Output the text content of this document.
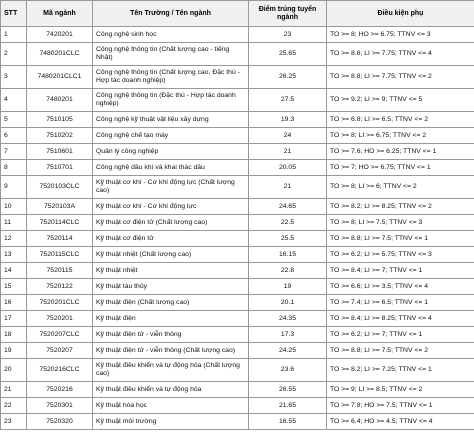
STT	Mã ngành	Tên Trường / Tên ngành	Điểm trúng tuyển ngành	Điều kiện phụ
1	7420201	Công nghệ sinh học	23	TO >= 8; HO >= 6.75; TTNV <= 3
2	7480201CLC	Công nghệ thông tin (Chất lượng cao - tiếng Nhật)	25.65	TO >= 8.6; LI >= 7.75; TTNV <= 4
3	7480201CLC1	Công nghệ thông tin (Chất lượng cao, Đặc thù - Hợp tác doanh nghiệp)	26.25	TO >= 8.8; LI >= 7.75; TTNV <= 2
4	7480201	Công nghệ thông tin (Đặc thù - Hợp tác doanh nghiệp)	27.5	TO >= 9.2; LI >= 9; TTNV <= 5
5	7510105	Công nghệ kỹ thuật vật liệu xây dựng	19.3	TO >= 6.8; LI >= 6.5; TTNV <= 2
6	7510202	Công nghệ chế tạo máy	24	TO >= 8; LI >= 6.75; TTNV <= 2
7	7510601	Quản lý công nghiệp	21	TO >= 7.6; HO >= 6.25; TTNV <= 1
8	7510701	Công nghệ dầu khí và khai thác dầu	20.05	TO >= 7; HO >= 6.75; TTNV <= 1
9	7520103CLC	Kỹ thuật cơ khí - Cơ khí động lực (Chất lượng cao)	21	TO >= 8; LI >= 6; TTNV <= 2
10	7520103A	Kỹ thuật cơ khí - Cơ khí động lực	24.65	TO >= 8.2; LI >= 8.25; TTNV <= 2
11	7520114CLC	Kỹ thuật cơ điện tử (Chất lượng cao)	22.5	TO >= 8; LI >= 7.5; TTNV <= 3
12	7520114	Kỹ thuật cơ điện tử	25.5	TO >= 8.8; LI >= 7.5; TTNV <= 1
13	7520115CLC	Kỹ thuật nhiệt (Chất lượng cao)	16.15	TO >= 6.2; LI >= 5.75; TTNV <= 3
14	7520115	Kỹ thuật nhiệt	22.8	TO >= 8.4; LI >= 7; TTNV <= 1
15	7520122	Kỹ thuật tàu thủy	19	TO >= 6.6; LI >= 3.5; TTNV <= 4
16	7520201CLC	Kỹ thuật điện (Chất lượng cao)	20.1	TO >= 7.4; LI >= 6.5; TTNV <= 1
17	7520201	Kỹ thuật điện	24.35	TO >= 8.4; LI >= 8.25; TTNV <= 4
18	7520207CLC	Kỹ thuật điện tử - viễn thông	17.3	TO >= 6.2; LI >= 7; TTNV <= 1
19	7520207	Kỹ thuật điện tử - viễn thông (Chất lượng cao)	24.25	TO >= 8.8; LI >= 7.5; TTNV <= 2
20	7520216CLC	Kỹ thuật điều khiển và tự động hóa (Chất lượng cao)	23.6	TO >= 8.2; LI >= 7.25; TTNV <= 1
21	7520216	Kỹ thuật điều khiển và tự động hóa	26.55	TO >= 9; LI >= 8.5; TTNV <= 2
22	7520301	Kỹ thuật hóa học	21.65	TO >= 7.8; HO >= 7.5; TTNV <= 1
23	7520320	Kỹ thuật môi trường	16.55	TO >= 6.4; HO >= 4.5; TTNV <= 4
